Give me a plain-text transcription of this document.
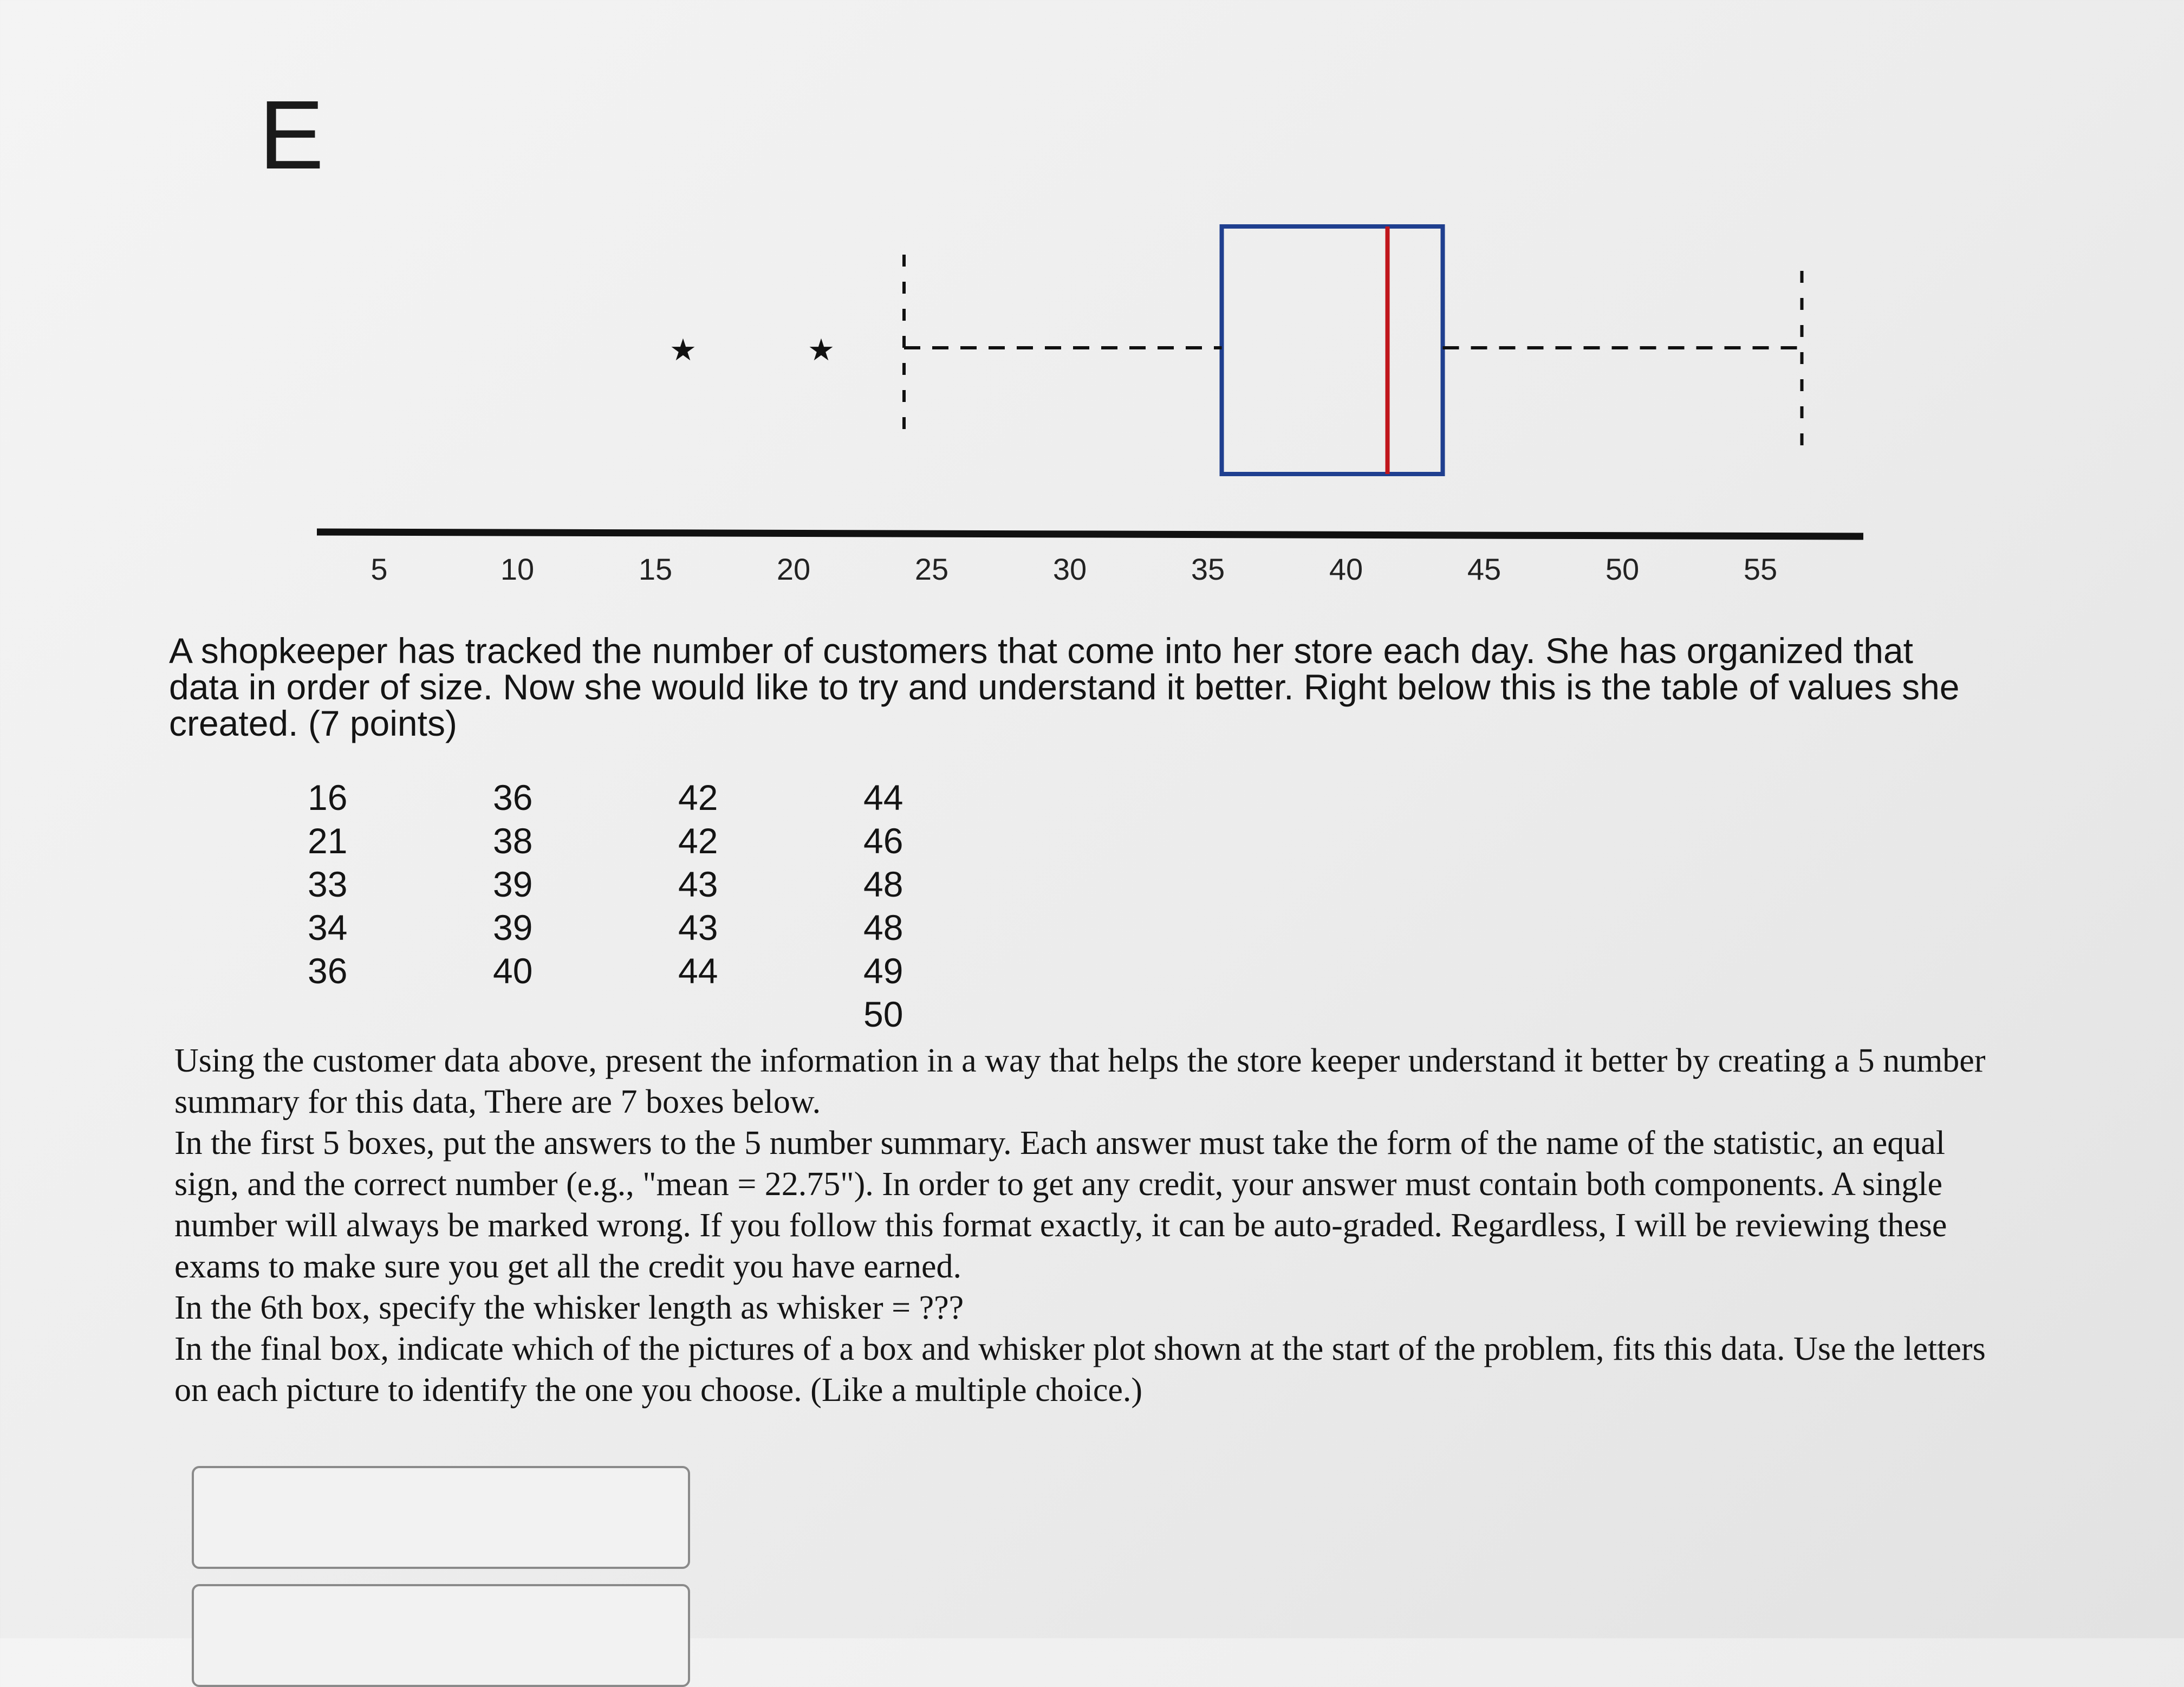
5	10	15	20	25	30	35	40	45	50	55
★	★
E

A shopkeeper has tracked the number of customers that come into her store each day. She has organized that data in order of size. Now she would like to try and understand it better. Right below this is the table of values she created. (7 points)

16	36	42	44
21	38	42	46
33	39	43	48
34	39	43	48
36	40	44	49
			50

Using the customer data above, present the information in a way that helps the store keeper understand it better by creating a 5 number summary for this data, There are 7 boxes below.

In the first 5 boxes, put the answers to the 5 number summary. Each answer must take the form of the name of the statistic, an equal sign, and the correct number (e.g., "mean = 22.75"). In order to get any credit, your answer must contain both components. A single number will always be marked wrong. If you follow this format exactly, it can be auto-graded. Regardless, I will be reviewing these exams to make sure you get all the credit you have earned.

In the 6th box, specify the whisker length as whisker = ???

In the final box, indicate which of the pictures of a box and whisker plot shown at the start of the problem, fits this data. Use the letters on each picture to identify the one you choose. (Like a multiple choice.)
